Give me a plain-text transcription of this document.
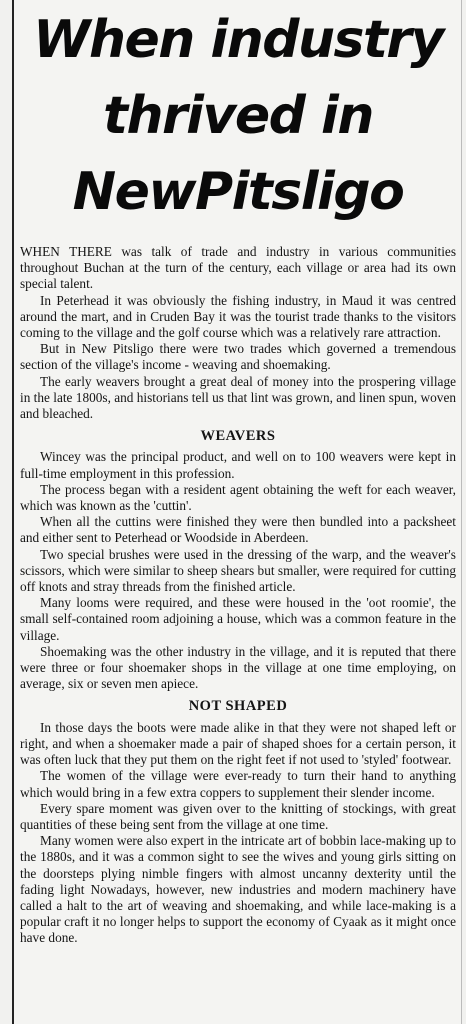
When industry
thrived in
NewPitsligo

WHEN THERE was talk of trade and industry in various communities throughout Buchan at the turn of the century, each village or area had its own special talent.

In Peterhead it was obviously the fishing industry, in Maud it was centred around the mart, and in Cruden Bay it was the tourist trade thanks to the visitors coming to the village and the golf course which was a relatively rare attraction.

But in New Pitsligo there were two trades which governed a tremendous section of the village's income - weaving and shoemaking.

The early weavers brought a great deal of money into the prospering village in the late 1800s, and historians tell us that lint was grown, and linen spun, woven and bleached.

WEAVERS

Wincey was the principal product, and well on to 100 weavers were kept in full-time employment in this profession.

The process began with a resident agent obtaining the weft for each weaver, which was known as the 'cuttin'.

When all the cuttins were finished they were then bundled into a packsheet and either sent to Peterhead or Woodside in Aberdeen.

Two special brushes were used in the dressing of the warp, and the weaver's scissors, which were similar to sheep shears but smaller, were required for cutting off knots and stray threads from the finished article.

Many looms were required, and these were housed in the 'oot roomie', the small self-contained room adjoining a house, which was a common feature in the village.

Shoemaking was the other industry in the village, and it is reputed that there were three or four shoemaker shops in the village at one time employing, on average, six or seven men apiece.

NOT SHAPED

In those days the boots were made alike in that they were not shaped left or right, and when a shoemaker made a pair of shaped shoes for a certain person, it was often luck that they put them on the right feet if not used to 'styled' footwear.

The women of the village were ever-ready to turn their hand to anything which would bring in a few extra coppers to supplement their slender income.

Every spare moment was given over to the knitting of stockings, with great quantities of these being sent from the village at one time.

Many women were also expert in the intricate art of bobbin lace-making up to the 1880s, and it was a common sight to see the wives and young girls sitting on the doorsteps plying nimble fingers with almost uncanny dexterity until the fading light Nowadays, however, new industries and modern machinery have called a halt to the art of weaving and shoemaking, and while lace-making is a popular craft it no longer helps to support the economy of Cyaak as it might once have done.
